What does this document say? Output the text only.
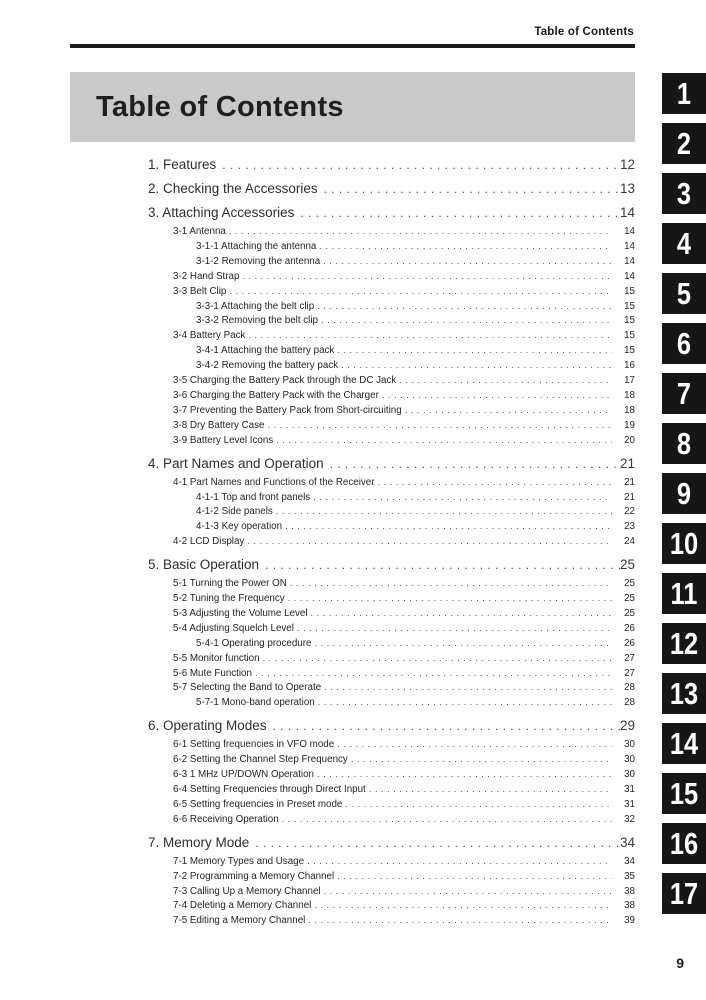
Table of Contents
Table of Contents
1. Features . . .	12
2. Checking the Accessories . . .	13
3. Attaching Accessories . . .	14
3-1 Antenna . . .	14
3-1-1 Attaching the antenna . . .	14
3-1-2 Removing the antenna . . .	14
3-2 Hand Strap . . .	14
3-3 Belt Clip . . .	15
3-3-1 Attaching the belt clip . . .	15
3-3-2 Removing the belt clip . . .	15
3-4 Battery Pack . . .	15
3-4-1 Attaching the battery pack . . .	15
3-4-2 Removing the battery pack . . .	16
3-5 Charging the Battery Pack through the DC Jack . . .	17
3-6 Charging the Battery Pack with the Charger . . .	18
3-7 Preventing the Battery Pack from Short-circuiting . . .	18
3-8 Dry Battery Case . . .	19
3-9 Battery Level Icons . . .	20
4. Part Names and Operation . . .	21
4-1 Part Names and Functions of the Receiver . . .	21
4-1-1 Top and front panels . . .	21
4-1-2 Side panels . . .	22
4-1-3 Key operation . . .	23
4-2 LCD Display . . .	24
5. Basic Operation . . .	25
5-1 Turning the Power ON . . .	25
5-2 Tuning the Frequency . . .	25
5-3 Adjusting the Volume Level . . .	25
5-4 Adjusting Squelch Level . . .	26
5-4-1 Operating procedure . . .	26
5-5 Monitor function . . .	27
5-6 Mute Function . . .	27
5-7 Selecting the Band to Operate . . .	28
5-7-1 Mono-band operation . . .	28
6. Operating Modes . . .	29
6-1 Setting frequencies in VFO mode . . .	30
6-2 Setting the Channel Step Frequency . . .	30
6-3 1 MHz UP/DOWN Operation . . .	30
6-4 Setting Frequencies through Direct Input . . .	31
6-5 Setting frequencies in Preset mode . . .	31
6-6 Receiving Operation . . .	32
7. Memory Mode . . .	34
7-1 Memory Types and Usage . . .	34
7-2 Programming a Memory Channel . . .	35
7-3 Calling Up a Memory Channel . . .	38
7-4 Deleting a Memory Channel . . .	38
7-5 Editing a Memory Channel . . .	39
1
2
3
4
5
6
7
8
9
10
11
12
13
14
15
16
17
9
